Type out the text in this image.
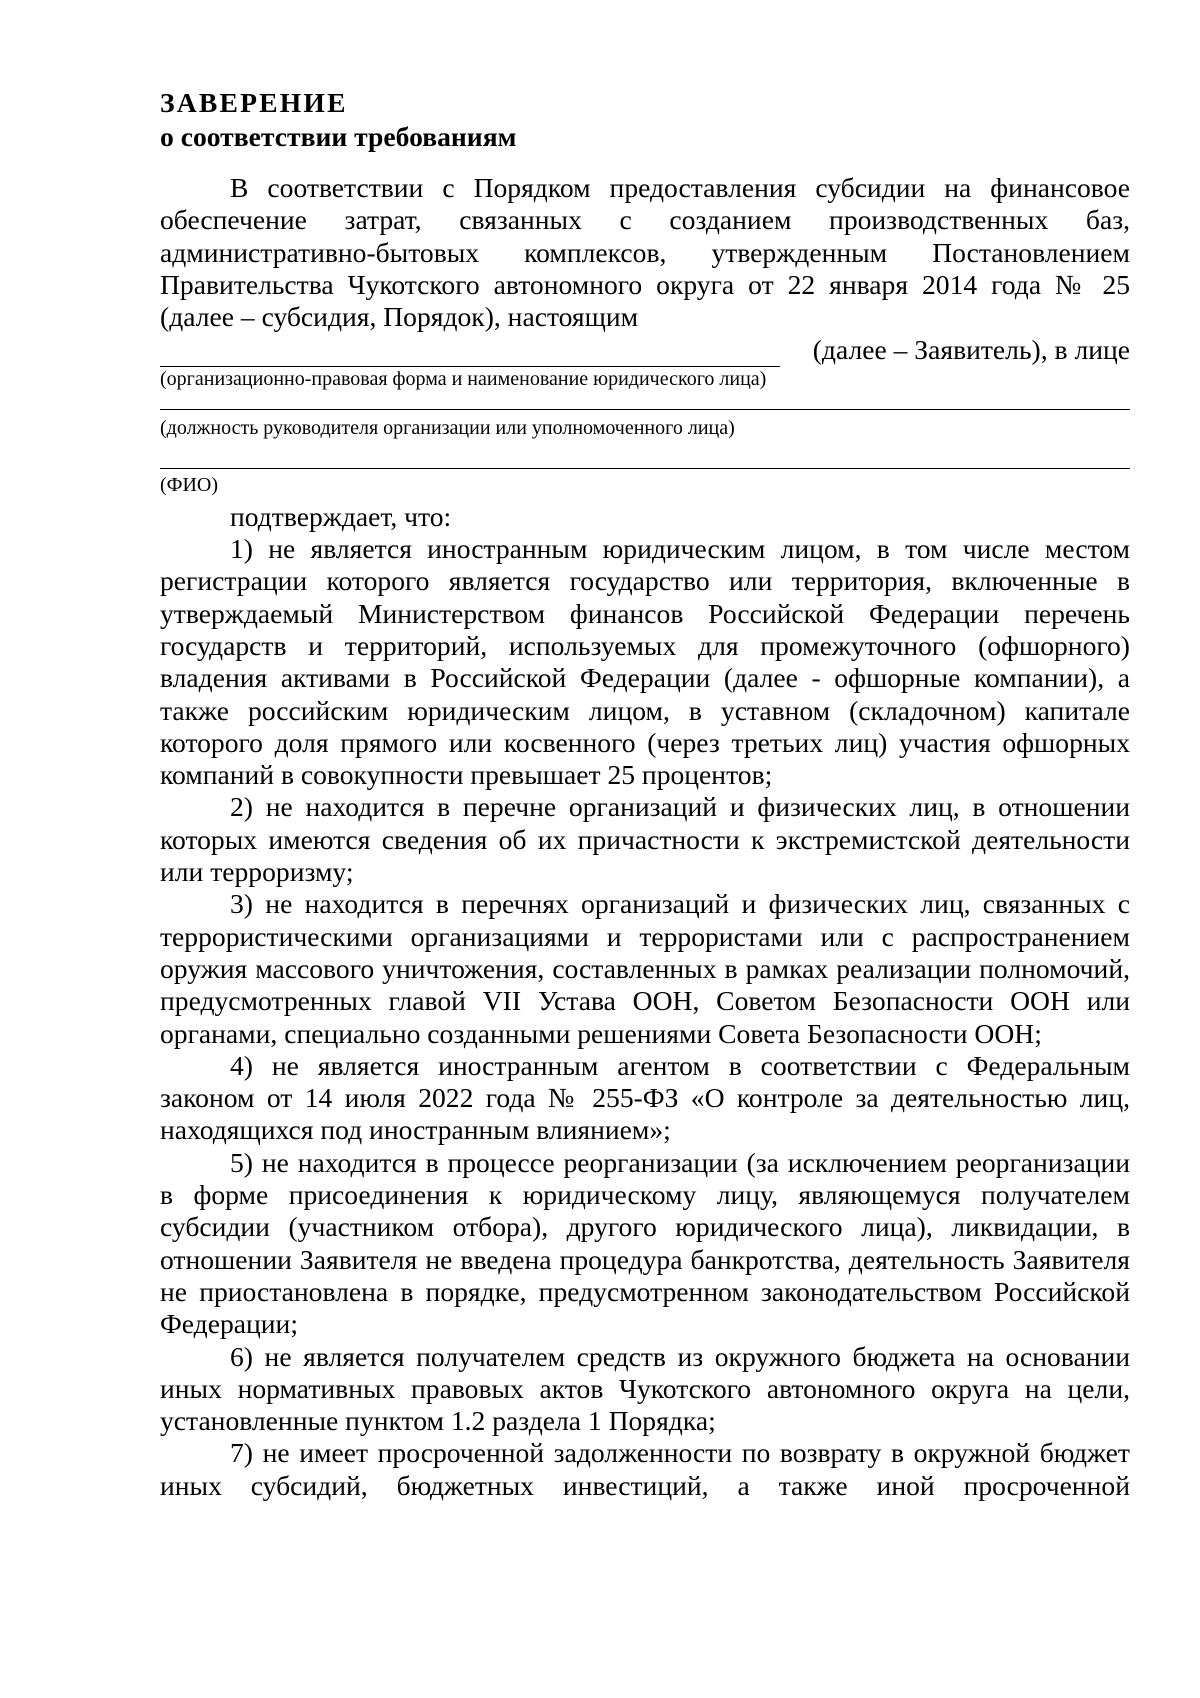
ЗАВЕРЕНИЕ

о соответствии требованиям

В соответствии с Порядком предоставления субсидии на финансовое обеспечение затрат, связанных с созданием производственных баз, административно-бытовых комплексов, утвержденным Постановлением Правительства Чукотского автономного округа от 22 января 2014 года № 25 (далее – субсидия, Порядок), настоящим

(далее – Заявитель), в лице

(организационно-правовая форма и наименование юридического лица)

(должность руководителя организации или уполномоченного лица)

(ФИО)

подтверждает, что:

1) не является иностранным юридическим лицом, в том числе местом регистрации которого является государство или территория, включенные в утверждаемый Министерством финансов Российской Федерации перечень государств и территорий, используемых для промежуточного (офшорного) владения активами в Российской Федерации (далее - офшорные компании), а также российским юридическим лицом, в уставном (складочном) капитале которого доля прямого или косвенного (через третьих лиц) участия офшорных компаний в совокупности превышает 25 процентов;

2) не находится в перечне организаций и физических лиц, в отношении которых имеются сведения об их причастности к экстремистской деятельности или терроризму;

3) не находится в перечнях организаций и физических лиц, связанных с террористическими организациями и террористами или с распространением оружия массового уничтожения, составленных в рамках реализации полномочий, предусмотренных главой VII Устава ООН, Советом Безопасности ООН или органами, специально созданными решениями Совета Безопасности ООН;

4) не является иностранным агентом в соответствии с Федеральным законом от 14 июля 2022 года № 255-ФЗ «О контроле за деятельностью лиц, находящихся под иностранным влиянием»;

5) не находится в процессе реорганизации (за исключением реорганизации в форме присоединения к юридическому лицу, являющемуся получателем субсидии (участником отбора), другого юридического лица), ликвидации, в отношении Заявителя не введена процедура банкротства, деятельность Заявителя не приостановлена в порядке, предусмотренном законодательством Российской Федерации;

6) не является получателем средств из окружного бюджета на основании иных нормативных правовых актов Чукотского автономного округа на цели, установленные пунктом 1.2 раздела 1 Порядка;

7) не имеет просроченной задолженности по возврату в окружной бюджет иных субсидий, бюджетных инвестиций, а также иной просроченной
